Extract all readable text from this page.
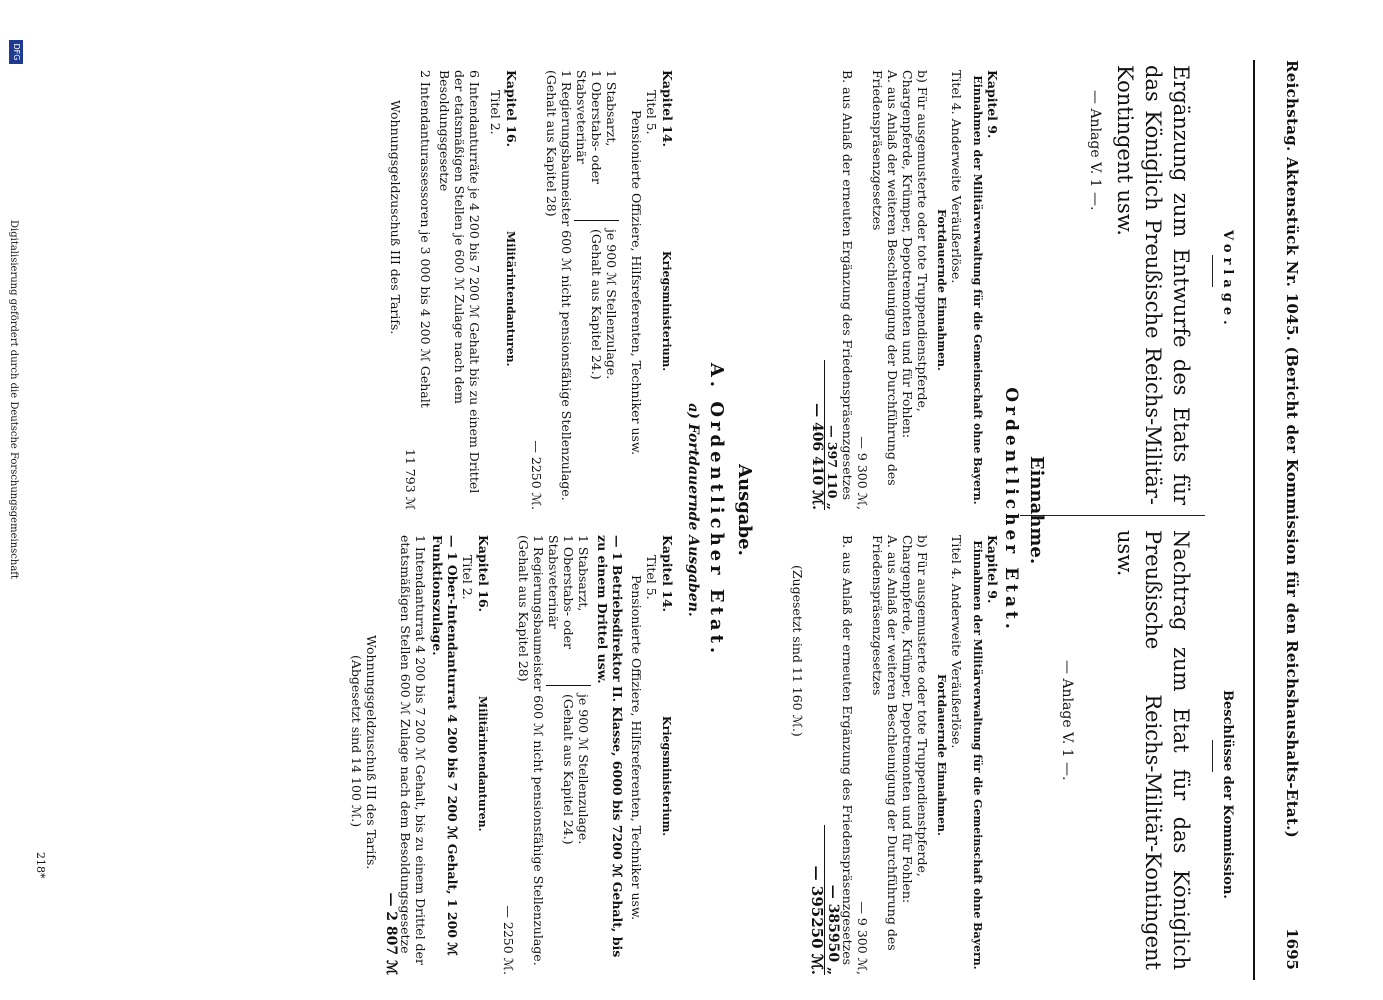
Reichstag. Aktenstück Nr. 1045. (Bericht der Kommission für den Reichshaushalts-Etat.)
1695
Vorlage.
Beschlüsse der Kommission.
Ergänzung zum Entwurfe des Etats für das Königlich Preußische Reichs-Militär-Kontingent usw.
— Anlage V. 1 —.
Nachtrag zum Etat für das Königlich Preußische Reichs-Militär-Kontingent usw.
— Anlage V. 1 —.
Einnahme.
Ordentlicher Etat.
Kapitel 9.
Einnahmen der Militärverwaltung für die Gemeinschaft ohne Bayern.
Titel 4. Anderweite Veräußerlöse.
Fortdauernde Einnahmen.
b) Für ausgemusterte oder tote Truppendienstpferde, Chargenpferde, Krümper, Depotremonten und für Fohlen:
A. aus Anlaß der weiteren Beschleunigung der Durchführung des Friedenspräsenzgesetzes
— 9 300 ℳ,
B. aus Anlaß der erneuten Ergänzung des Friedenspräsenzgesetzes
— 397 110 „
— 406 410 ℳ.
Kapitel 9.
Einnahmen der Militärverwaltung für die Gemeinschaft ohne Bayern.
Titel 4. Anderweite Veräußerlöse.
Fortdauernde Einnahmen.
b) Für ausgemusterte oder tote Truppendienstpferde, Chargenpferde, Krümper, Depotremonten und für Fohlen:
A. aus Anlaß der weiteren Beschleunigung der Durchführung des Friedenspräsenzgesetzes
— 9 300 ℳ,
B. aus Anlaß der erneuten Ergänzung des Friedenspräsenzgesetzes
— 385950 „
— 395250 ℳ.
(Zugesetzt sind 11 160 ℳ.)
Ausgabe.
A. Ordentlicher Etat.
a) Fortdauernde Ausgaben.
Kapitel 14. Kriegsministerium.
Titel 5.
Pensionierte Offiziere, Hilfsreferenten, Techniker usw.
1 Stabsarzt,
1 Oberstabs- oder Stabsveterinär
je 900 ℳ Stellenzulage. (Gehalt aus Kapitel 24.)
1 Regierungsbaumeister 600 ℳ nicht pensionsfähige Stellenzulage. (Gehalt aus Kapitel 28)
— 2250 ℳ.
Kapitel 16. Militärintendanturen.
Titel 2.
6 Intendanturräte je 4 200 bis 7 200 ℳ Gehalt bis zu einem Drittel der etatsmäßigen Stellen je 600 ℳ Zulage nach dem Besoldungsgesetze
2 Intendanturassessoren je 3 000 bis 4 200 ℳ Gehalt
11 793 ℳ
Wohnungsgeldzuschuß III des Tarifs.
Kapitel 14. Kriegsministerium.
Titel 5.
Pensionierte Offiziere, Hilfsreferenten, Techniker usw.
— 1 Betriebsdirektor II. Klasse, 6000 bis 7200 ℳ Gehalt, bis zu einem Drittel usw.
1 Stabsarzt,
1 Oberstabs- oder Stabsveterinär
je 900 ℳ Stellenzulage. (Gehalt aus Kapitel 24.)
1 Regierungsbaumeister 600 ℳ nicht pensionsfähige Stellenzulage. (Gehalt aus Kapitel 28)
— 2250 ℳ.
Kapitel 16. Militärintendanturen.
Titel 2.
— 1 Ober-Intendanturrat 4 200 bis 7 200 ℳ Gehalt, 1 200 ℳ Funktionszulage.
1 Intendanturrat 4 200 bis 7 200 ℳ Gehalt, bis zu einem Drittel der etatsmäßigen Stellen 600 ℳ Zulage nach dem Besoldungsgesetze
— 2 807 ℳ
Wohnungsgeldzuschuß III des Tarifs.
(Abgesetzt sind 14 100 ℳ.)
218*
Digitalisierung gefördert durch die Deutsche Forschungsgemeinschaft
DFG
